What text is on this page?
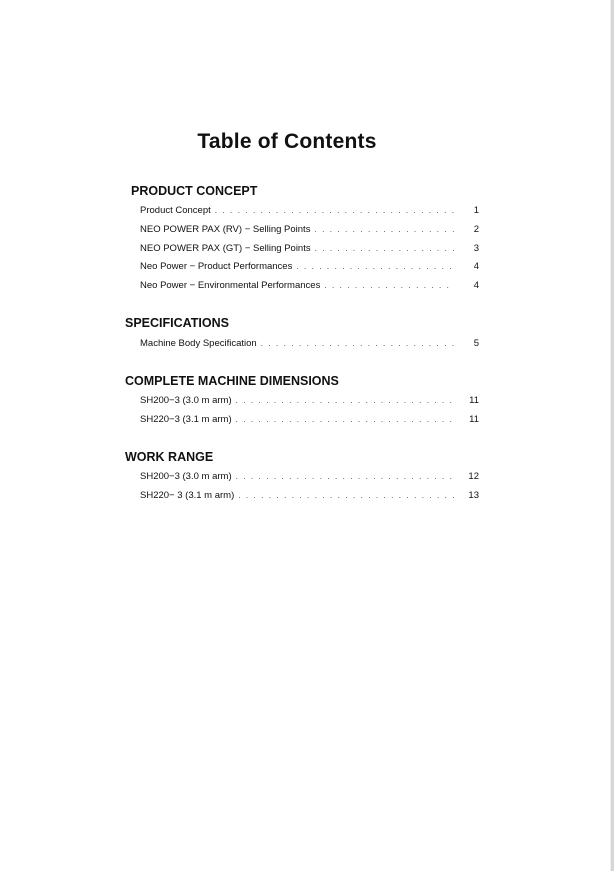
Table of Contents
PRODUCT CONCEPT
Product Concept . . .	1
NEO POWER PAX (RV) − Selling Points . . .	2
NEO POWER PAX (GT) − Selling Points . . .	3
Neo Power − Product Performances . . .	4
Neo Power − Environmental Performances . . .	4
SPECIFICATIONS
Machine Body Specification . . .	5
COMPLETE MACHINE DIMENSIONS
SH200−3 (3.0 m arm) . . .	11
SH220−3 (3.1 m arm) . . .	11
WORK RANGE
SH200−3 (3.0 m arm) . . .	12
SH220− 3 (3.1 m arm) . . .	13
